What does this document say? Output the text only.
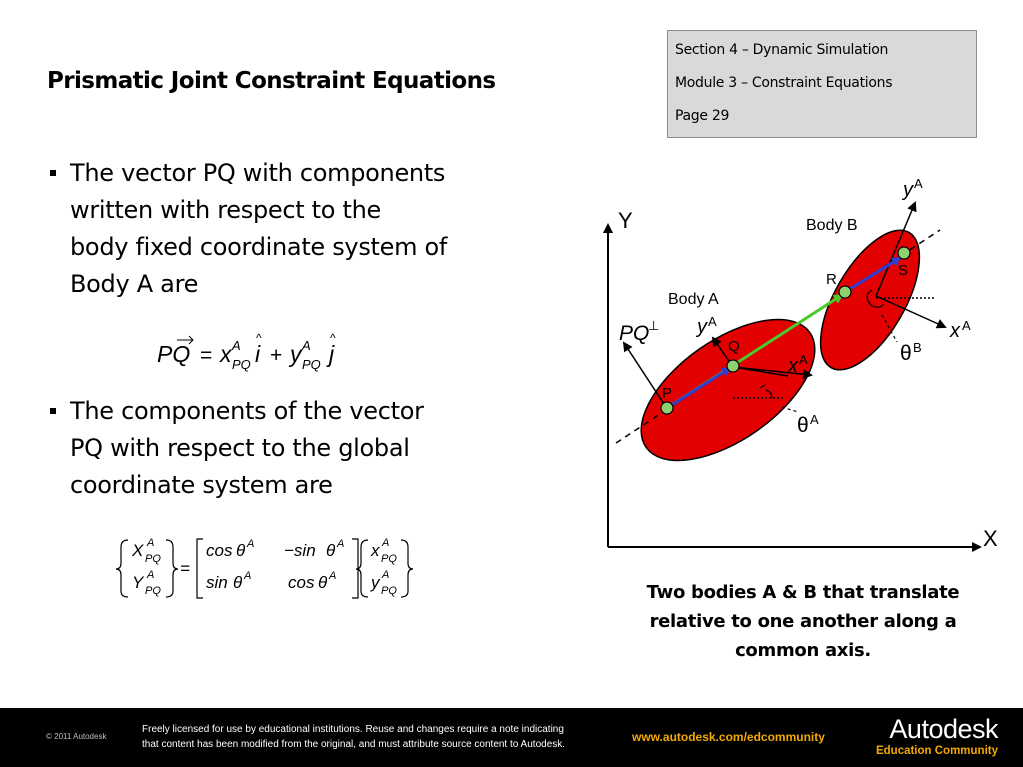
Prismatic Joint Constraint Equations
Section 4 – Dynamic Simulation
Module 3 – Constraint Equations
Page 29
The vector PQ with components
written with respect to the
body fixed coordinate system of
Body A are
PQ = x A
PQ i
^
+ y A
PQ j
^
The components of the vector
PQ with respect to the global
coordinate system are
X A
PQ
Y A
PQ
=
cos θ A −sin θ A
sin θ A cos θ A
x A
PQ
y A
PQ
Y
X
P
Q
R
S
Body A
Body B
PQ
⊥ y A
x A
y A
x A
θ A
θ B
Two bodies A & B that translate
relative to one another along a
common axis.
© 2011 Autodesk
Freely licensed for use by educational institutions. Reuse and changes require a note indicating
that content has been modified from the original, and must attribute source content to Autodesk.
www.autodesk.com/edcommunity	Autodesk
Education Community
